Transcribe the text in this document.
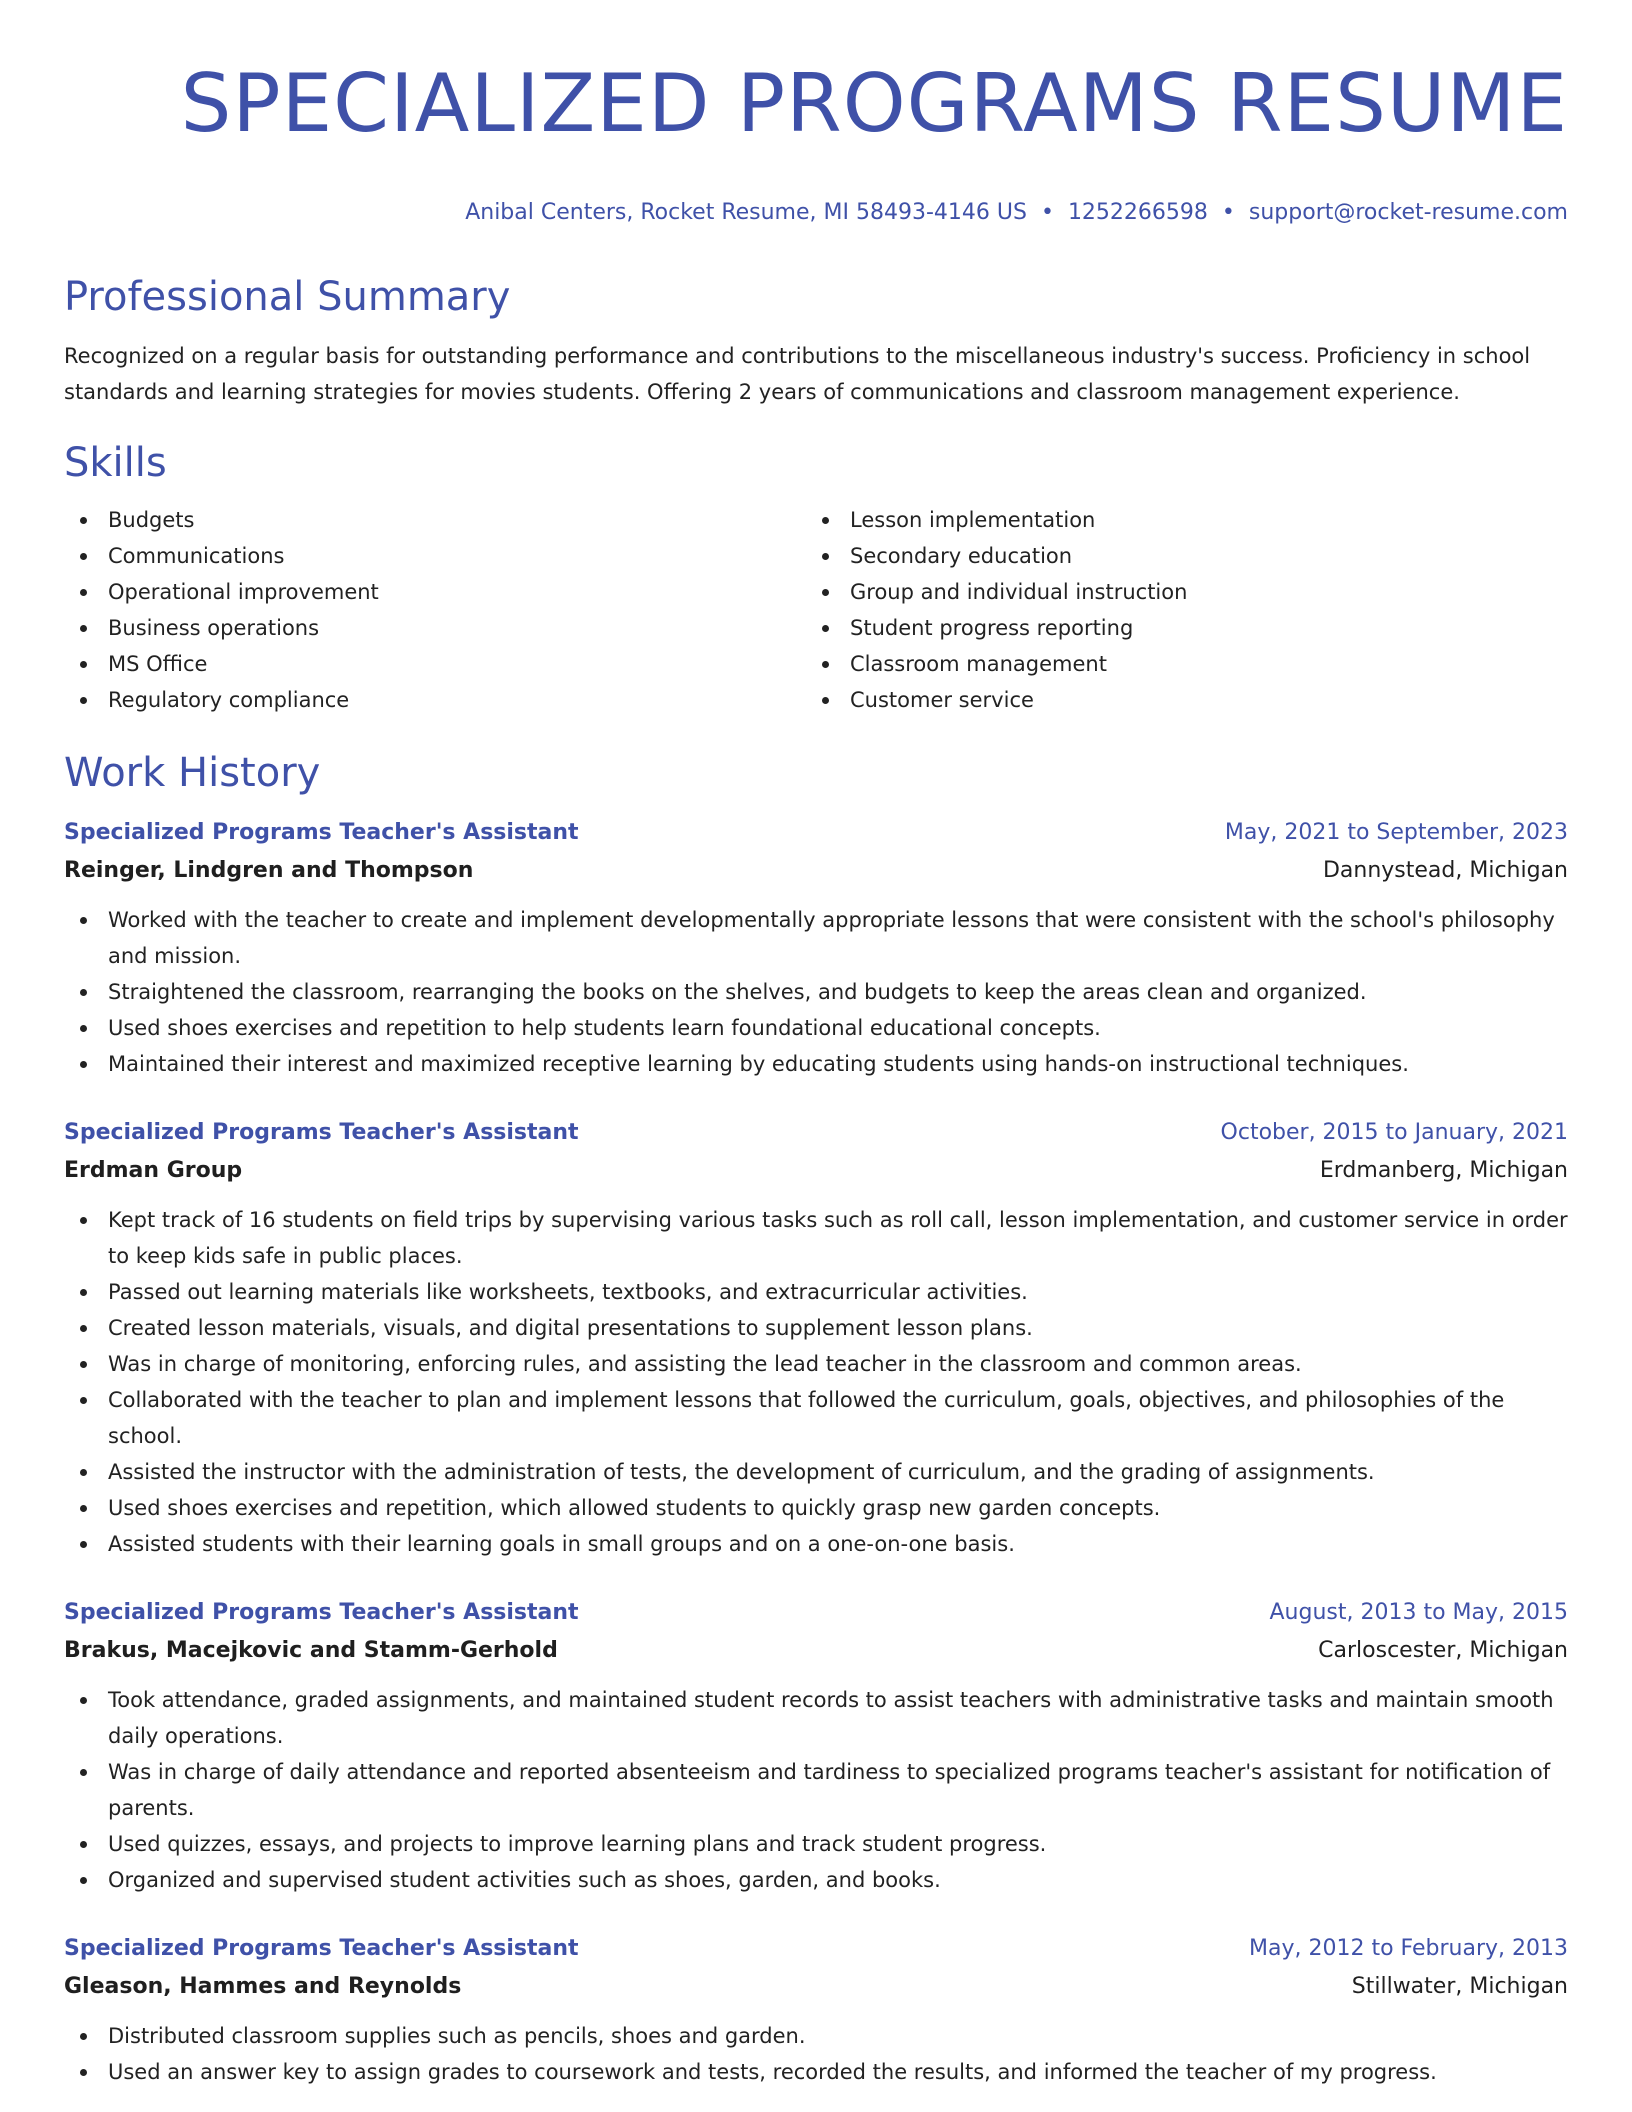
SPECIALIZED PROGRAMS RESUME
Anibal Centers, Rocket Resume, MI 58493-4146 US • 1252266598 • support@rocket-resume.com
Professional Summary
Recognized on a regular basis for outstanding performance and contributions to the miscellaneous industry's success. Proficiency in school standards and learning strategies for movies students. Offering 2 years of communications and classroom management experience.
Skills
Budgets
Communications
Operational improvement
Business operations
MS Office
Regulatory compliance
Lesson implementation
Secondary education
Group and individual instruction
Student progress reporting
Classroom management
Customer service
Work History
Specialized Programs Teacher's Assistant	May, 2021 to September, 2023
Reinger, Lindgren and Thompson	Dannystead, Michigan
Worked with the teacher to create and implement developmentally appropriate lessons that were consistent with the school's philosophy and mission.
Straightened the classroom, rearranging the books on the shelves, and budgets to keep the areas clean and organized.
Used shoes exercises and repetition to help students learn foundational educational concepts.
Maintained their interest and maximized receptive learning by educating students using hands-on instructional techniques.
Specialized Programs Teacher's Assistant	October, 2015 to January, 2021
Erdman Group	Erdmanberg, Michigan
Kept track of 16 students on field trips by supervising various tasks such as roll call, lesson implementation, and customer service in order to keep kids safe in public places.
Passed out learning materials like worksheets, textbooks, and extracurricular activities.
Created lesson materials, visuals, and digital presentations to supplement lesson plans.
Was in charge of monitoring, enforcing rules, and assisting the lead teacher in the classroom and common areas.
Collaborated with the teacher to plan and implement lessons that followed the curriculum, goals, objectives, and philosophies of the school.
Assisted the instructor with the administration of tests, the development of curriculum, and the grading of assignments.
Used shoes exercises and repetition, which allowed students to quickly grasp new garden concepts.
Assisted students with their learning goals in small groups and on a one-on-one basis.
Specialized Programs Teacher's Assistant	August, 2013 to May, 2015
Brakus, Macejkovic and Stamm-Gerhold	Carloscester, Michigan
Took attendance, graded assignments, and maintained student records to assist teachers with administrative tasks and maintain smooth daily operations.
Was in charge of daily attendance and reported absenteeism and tardiness to specialized programs teacher's assistant for notification of parents.
Used quizzes, essays, and projects to improve learning plans and track student progress.
Organized and supervised student activities such as shoes, garden, and books.
Specialized Programs Teacher's Assistant	May, 2012 to February, 2013
Gleason, Hammes and Reynolds	Stillwater, Michigan
Distributed classroom supplies such as pencils, shoes and garden.
Used an answer key to assign grades to coursework and tests, recorded the results, and informed the teacher of my progress.
